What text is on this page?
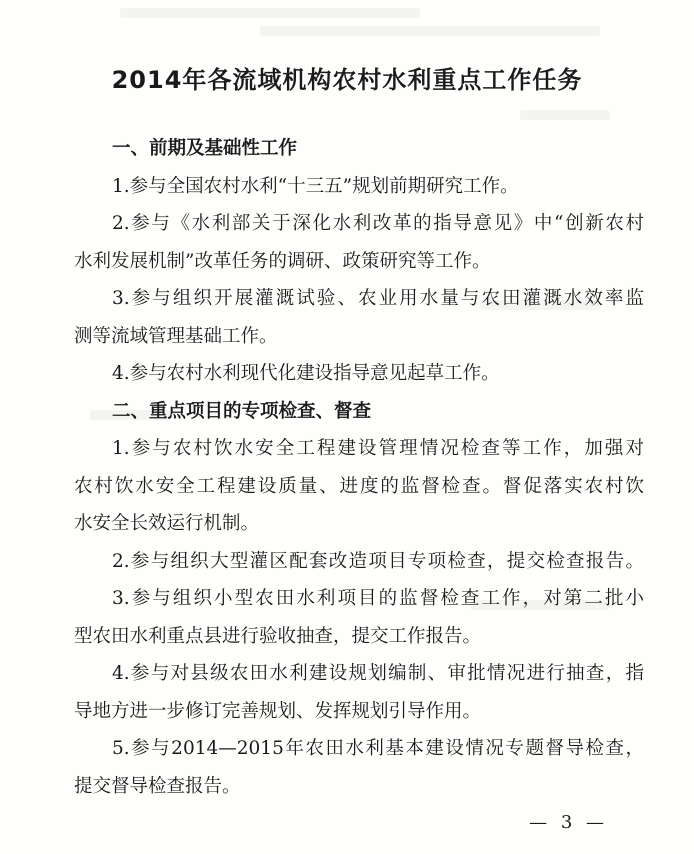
2014年各流域机构农村水利重点工作任务
一、前期及基础性工作
1.参与全国农村水利“十三五”规划前期研究工作。
2.参与《水利部关于深化水利改革的指导意见》中“创新农村
水利发展机制”改革任务的调研、政策研究等工作。
3.参与组织开展灌溉试验、农业用水量与农田灌溉水效率监
测等流域管理基础工作。
4.参与农村水利现代化建设指导意见起草工作。
二、重点项目的专项检查、督查
1.参与农村饮水安全工程建设管理情况检查等工作，加强对
农村饮水安全工程建设质量、进度的监督检查。督促落实农村饮
水安全长效运行机制。
2.参与组织大型灌区配套改造项目专项检查，提交检查报告。
3.参与组织小型农田水利项目的监督检查工作，对第二批小
型农田水利重点县进行验收抽查，提交工作报告。
4.参与对县级农田水利建设规划编制、审批情况进行抽查，指
导地方进一步修订完善规划、发挥规划引导作用。
5.参与2014—2015年农田水利基本建设情况专题督导检查，
提交督导检查报告。
— 3 —
